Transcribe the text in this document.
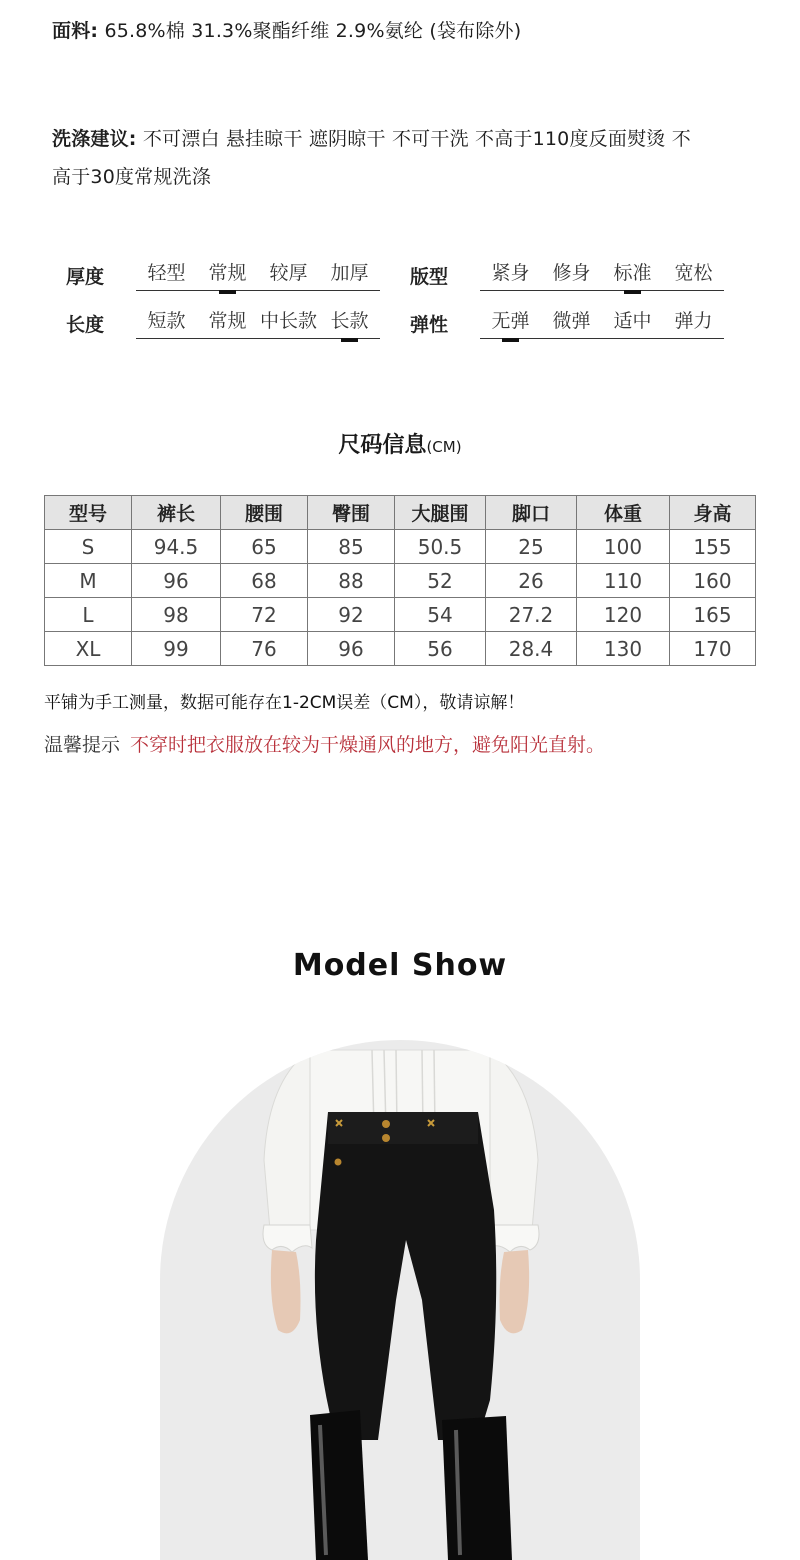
面料: 65.8%棉 31.3%聚酯纤维 2.9%氨纶 (袋布除外)
洗涤建议: 不可漂白 悬挂晾干 遮阴晾干 不可干洗 不高于110度反面熨烫 不
高于30度常规洗涤
厚度	轻型	常规	较厚	加厚	版型	紧身	修身	标准	宽松
长度	短款	常规 中长款 长款	弹性	无弹	微弹	适中	弹力
尺码信息(CM)
型号	裤长	腰围	臀围	大腿围	脚口	体重	身高
S	94.5	65	85	50.5	25	100	155
M	96	68	88	52	26	110	160
L	98	72	92	54	27.2	120	165
XL	99	76	96	56	28.4	130	170
平铺为手工测量，数据可能存在1-2CM误差（CM），敬请谅解！
温馨提示 不穿时把衣服放在较为干燥通风的地方，避免阳光直射。
Model Show
